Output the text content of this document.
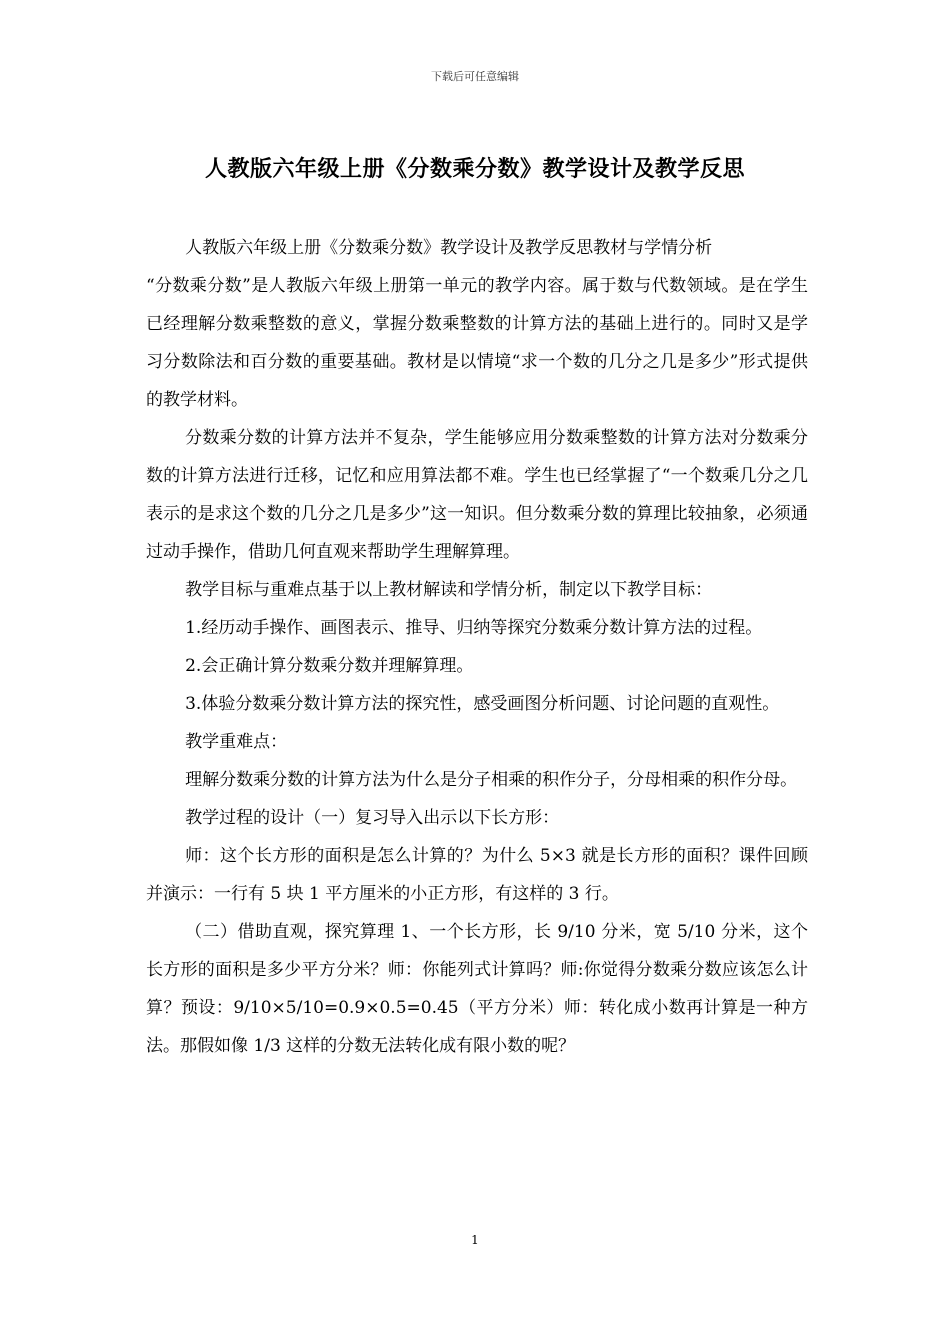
下载后可任意编辑
人教版六年级上册《分数乘分数》教学设计及教学反思

人教版六年级上册《分数乘分数》教学设计及教学反思教材与学情分析

“分数乘分数”是人教版六年级上册第一单元的教学内容。属于数与代数领域。是在学生已经理解分数乘整数的意义，掌握分数乘整数的计算方法的基础上进行的。同时又是学习分数除法和百分数的重要基础。教材是以情境“求一个数的几分之几是多少”形式提供的教学材料。

分数乘分数的计算方法并不复杂，学生能够应用分数乘整数的计算方法对分数乘分数的计算方法进行迁移，记忆和应用算法都不难。学生也已经掌握了“一个数乘几分之几表示的是求这个数的几分之几是多少”这一知识。但分数乘分数的算理比较抽象，必须通过动手操作，借助几何直观来帮助学生理解算理。

教学目标与重难点基于以上教材解读和学情分析，制定以下教学目标：

1.经历动手操作、画图表示、推导、归纳等探究分数乘分数计算方法的过程。

2.会正确计算分数乘分数并理解算理。

3.体验分数乘分数计算方法的探究性，感受画图分析问题、讨论问题的直观性。

教学重难点：

理解分数乘分数的计算方法为什么是分子相乘的积作分子，分母相乘的积作分母。

教学过程的设计（一）复习导入出示以下长方形：

师：这个长方形的面积是怎么计算的？为什么 5×3 就是长方形的面积？课件回顾并演示：一行有 5 块 1 平方厘米的小正方形，有这样的 3 行。

（二）借助直观，探究算理 1、一个长方形，长 9/10 分米，宽 5/10 分米，这个长方形的面积是多少平方分米？师：你能列式计算吗？师:你觉得分数乘分数应该怎么计算？预设：9/10×5/10=0.9×0.5=0.45（平方分米）师：转化成小数再计算是一种方法。那假如像 1/3 这样的分数无法转化成有限小数的呢？

1
